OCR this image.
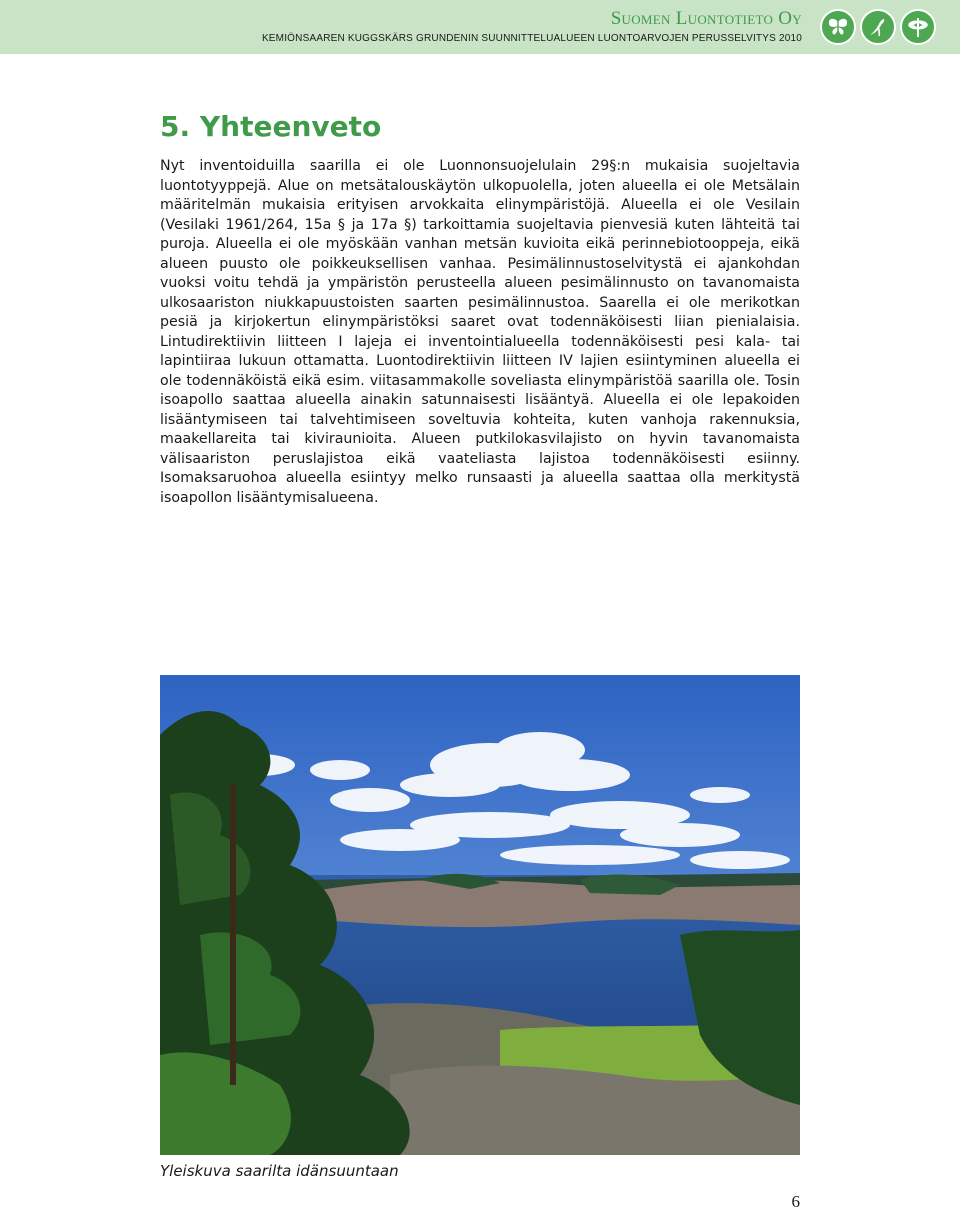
Suomen Luontotieto Oy
KEMIÖNSAAREN KUGGSKÄRS GRUNDENIN SUUNNITTELUALUEEN LUONTOARVOJEN PERUSSELVITYS 2010
5. Yhteenveto

Nyt inventoiduilla saarilla ei ole Luonnonsuojelulain 29§:n mukaisia suojeltavia luontotyyppejä. Alue on metsätalouskäytön ulkopuolella, joten alueella ei ole Metsälain määritelmän mukaisia erityisen arvokkaita elinympäristöjä. Alueella ei ole Vesilain (Vesilaki 1961/264, 15a § ja 17a §) tarkoittamia suojeltavia pienvesiä kuten lähteitä tai puroja. Alueella ei ole myöskään vanhan metsän kuvioita eikä perinnebiotooppeja, eikä alueen puusto ole poikkeuksellisen vanhaa. Pesimälinnustoselvitystä ei ajankohdan vuoksi voitu tehdä ja ympäristön perusteella alueen pesimälinnusto on tavanomaista ulkosaariston niukkapuustoisten saarten pesimälinnustoa. Saarella ei ole merikotkan pesiä ja kirjokertun elinympäristöksi saaret ovat todennäköisesti liian pienialaisia. Lintudirektiivin liitteen I lajeja ei inventointialueella todennäköisesti pesi kala- tai lapintiiraa lukuun ottamatta. Luontodirektiivin liitteen IV lajien esiintyminen alueella ei ole todennäköistä eikä esim. viitasammakolle soveliasta elinympäristöä saarilla ole. Tosin isoapollo saattaa alueella ainakin satunnaisesti lisääntyä. Alueella ei ole lepakoiden lisääntymiseen tai talvehtimiseen soveltuvia kohteita, kuten vanhoja rakennuksia, maakellareita tai kiviraunioita. Alueen putkilokasvilajisto on hyvin tavanomaista välisaariston peruslajistoa eikä vaateliasta lajistoa todennäköisesti esiinny. Isomaksaruohoa alueella esiintyy melko runsaasti ja alueella saattaa olla merkitystä isoapollon lisääntymisalueena.

Yleiskuva saarilta idänsuuntaan
6
